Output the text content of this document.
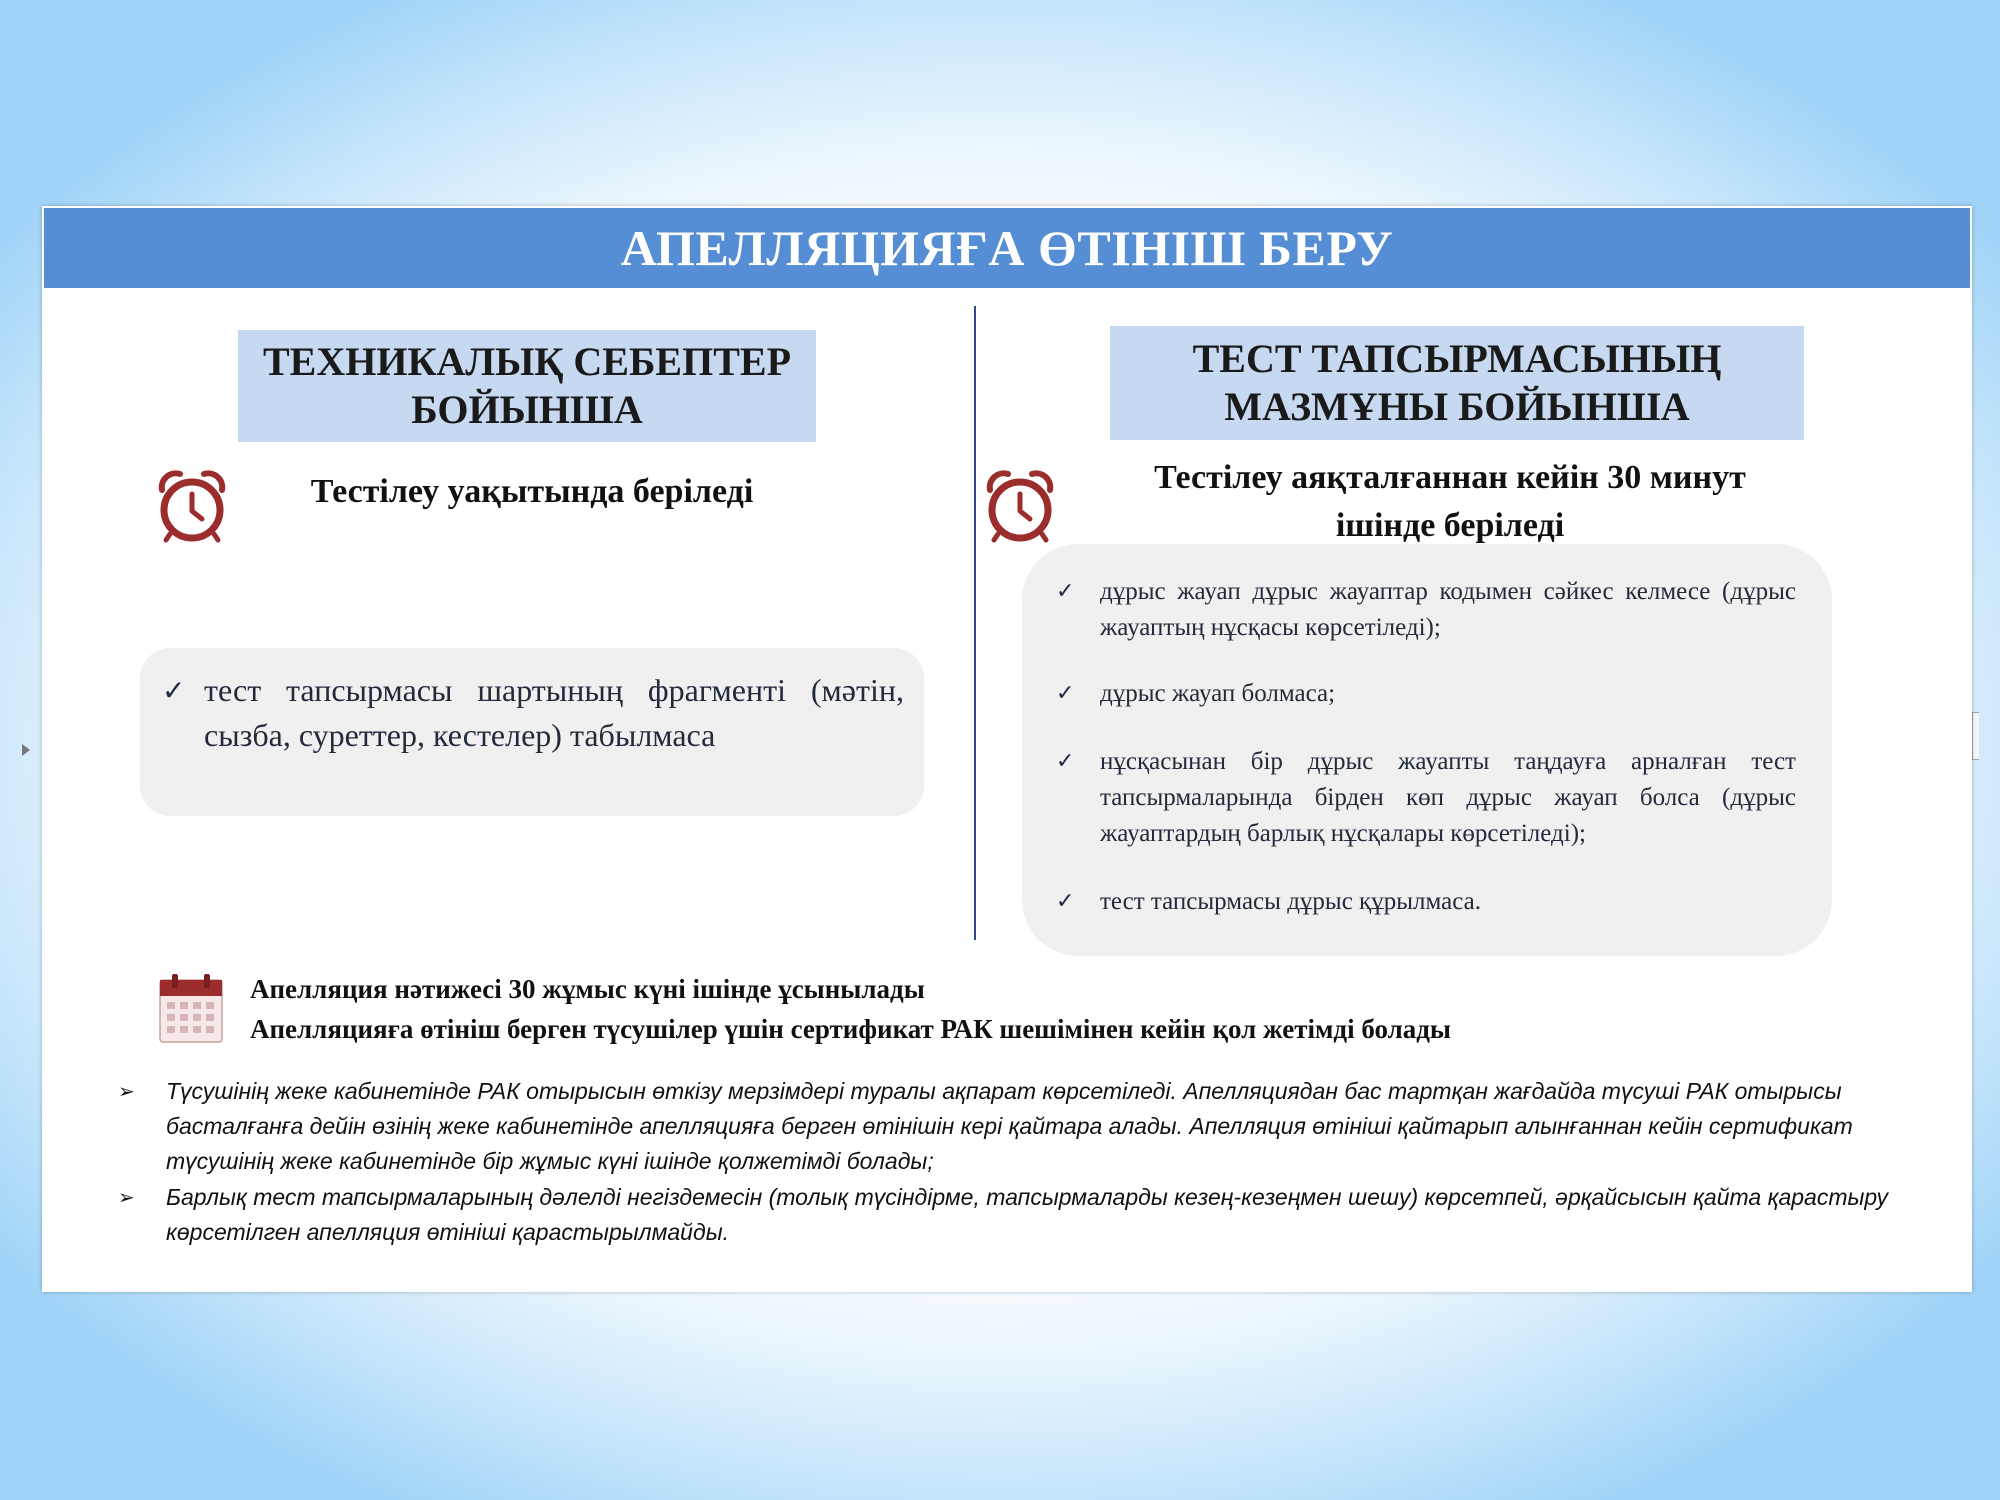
АПЕЛЛЯЦИЯҒА ӨТІНІШ БЕРУ
ТЕХНИКАЛЫҚ СЕБЕПТЕР
БОЙЫНША
Тестілеу уақытында беріледі
✓ тест тапсырмасы шартының фрагменті (мәтін, сызба, суреттер, кестелер) табылмаса
ТЕСТ ТАПСЫРМАСЫНЫҢ
МАЗМҰНЫ БОЙЫНША
Тестілеу аяқталғаннан кейін 30 минут
ішінде беріледі
✓	дұрыс жауап дұрыс жауаптар кодымен сәйкес келмесе (дұрыс жауаптың нұсқасы көрсетіледі);
✓	дұрыс жауап болмаса;
✓	нұсқасынан бір дұрыс жауапты таңдауға арналған тест тапсырмаларында бірден көп дұрыс жауап болса (дұрыс жауаптардың барлық нұсқалары көрсетіледі);
✓	тест тапсырмасы дұрыс құрылмаса.
Апелляция нәтижесі 30 жұмыс күні ішінде ұсынылады
Апелляцияға өтініш берген түсушілер үшін сертификат РАК шешімінен кейін қол жетімді болады
➢	Түсушінің жеке кабинетінде РАК отырысын өткізу мерзімдері туралы ақпарат көрсетіледі. Апелляциядан бас тартқан жағдайда түсуші РАК отырысы басталғанға дейін өзінің жеке кабинетінде апелляцияға берген өтінішін кері қайтара алады. Апелляция өтініші қайтарып алынғаннан кейін сертификат түсушінің жеке кабинетінде бір жұмыс күні ішінде қолжетімді болады;
➢	Барлық тест тапсырмаларының дәлелді негіздемесін (толық түсіндірме, тапсырмаларды кезең-кезеңмен шешу) көрсетпей, әрқайсысын қайта қарастыру көрсетілген апелляция өтініші қарастырылмайды.
